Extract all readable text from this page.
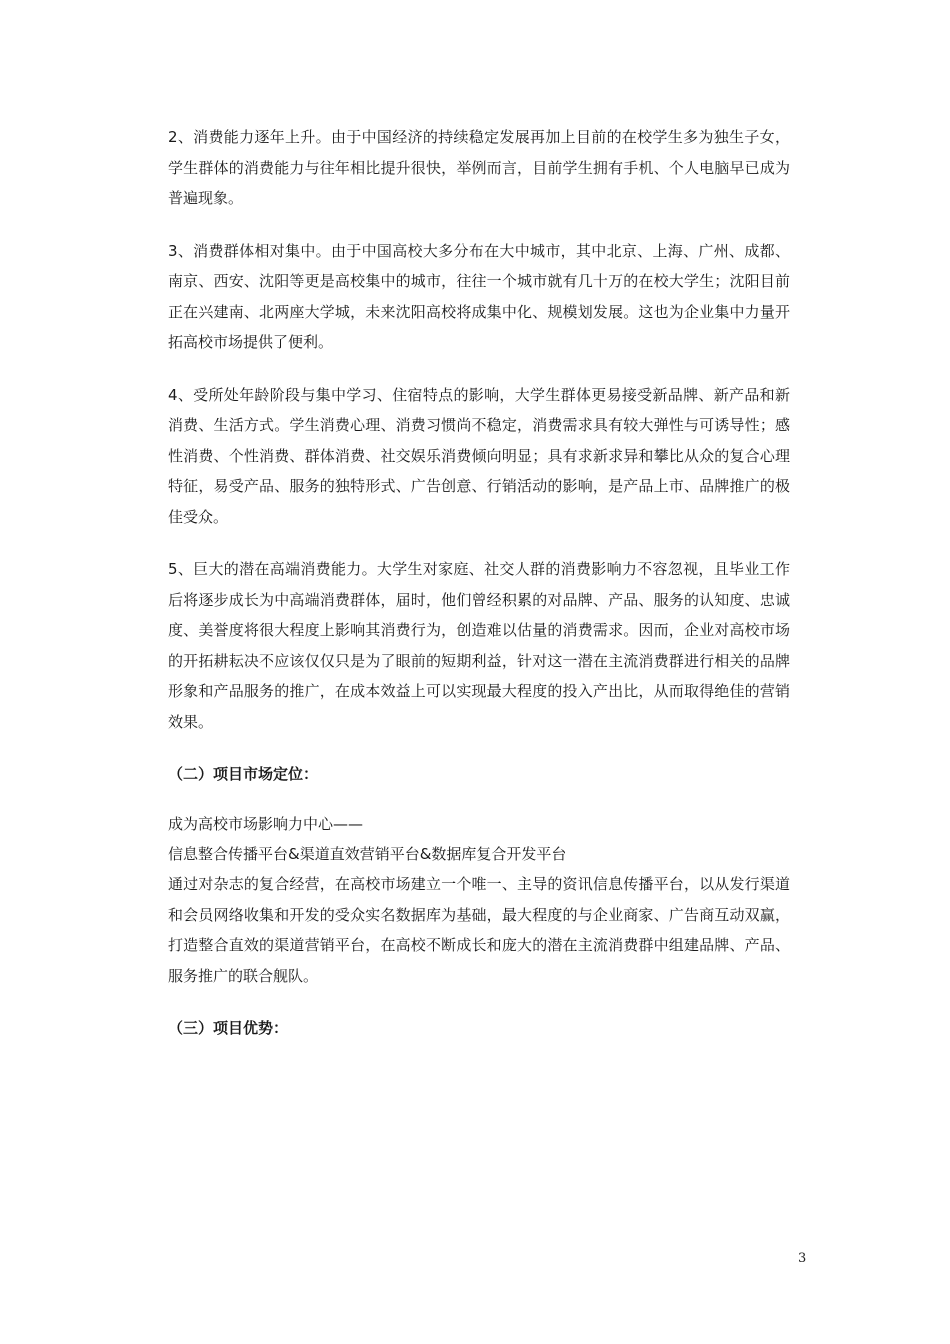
2、消费能力逐年上升。由于中国经济的持续稳定发展再加上目前的在校学生多为独生子女，学生群体的消费能力与往年相比提升很快，举例而言，目前学生拥有手机、个人电脑早已成为普遍现象。

3、消费群体相对集中。由于中国高校大多分布在大中城市，其中北京、上海、广州、成都、南京、西安、沈阳等更是高校集中的城市，往往一个城市就有几十万的在校大学生；沈阳目前正在兴建南、北两座大学城，未来沈阳高校将成集中化、规模划发展。这也为企业集中力量开拓高校市场提供了便利。

4、受所处年龄阶段与集中学习、住宿特点的影响，大学生群体更易接受新品牌、新产品和新消费、生活方式。学生消费心理、消费习惯尚不稳定，消费需求具有较大弹性与可诱导性；感性消费、个性消费、群体消费、社交娱乐消费倾向明显；具有求新求异和攀比从众的复合心理特征，易受产品、服务的独特形式、广告创意、行销活动的影响，是产品上市、品牌推广的极佳受众。

5、巨大的潜在高端消费能力。大学生对家庭、社交人群的消费影响力不容忽视，且毕业工作后将逐步成长为中高端消费群体，届时，他们曾经积累的对品牌、产品、服务的认知度、忠诚度、美誉度将很大程度上影响其消费行为，创造难以估量的消费需求。因而，企业对高校市场的开拓耕耘决不应该仅仅只是为了眼前的短期利益，针对这一潜在主流消费群进行相关的品牌形象和产品服务的推广，在成本效益上可以实现最大程度的投入产出比，从而取得绝佳的营销效果。

（二）项目市场定位：
成为高校市场影响力中心——
信息整合传播平台&渠道直效营销平台&数据库复合开发平台

通过对杂志的复合经营，在高校市场建立一个唯一、主导的资讯信息传播平台，以从发行渠道和会员网络收集和开发的受众实名数据库为基础，最大程度的与企业商家、广告商互动双赢，打造整合直效的渠道营销平台，在高校不断成长和庞大的潜在主流消费群中组建品牌、产品、服务推广的联合舰队。

（三）项目优势：
3
